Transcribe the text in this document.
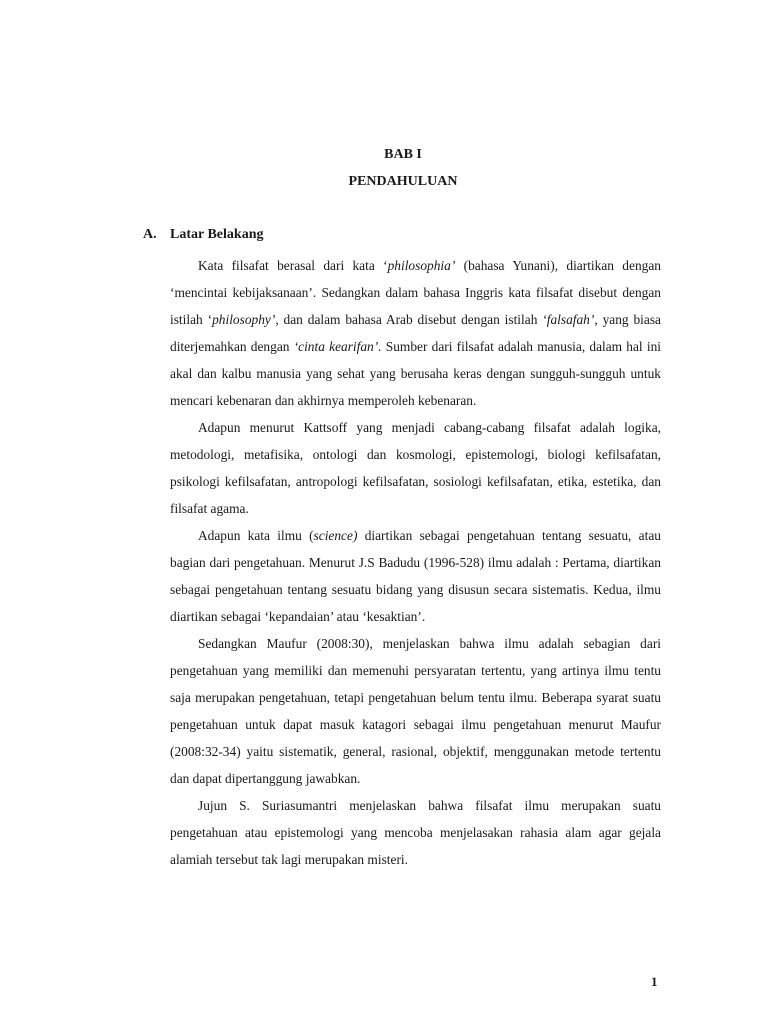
BAB I
PENDAHULUAN
A. Latar Belakang

Kata filsafat berasal dari kata ‘philosophia’ (bahasa Yunani), diartikan dengan ‘mencintai kebijaksanaan’. Sedangkan dalam bahasa Inggris kata filsafat disebut dengan istilah ‘philosophy’, dan dalam bahasa Arab disebut dengan istilah ‘falsafah’, yang biasa diterjemahkan dengan ‘cinta kearifan’. Sumber dari filsafat adalah manusia, dalam hal ini akal dan kalbu manusia yang sehat yang berusaha keras dengan sungguh-sungguh untuk mencari kebenaran dan akhirnya memperoleh kebenaran.

Adapun menurut Kattsoff yang menjadi cabang-cabang filsafat adalah logika, metodologi, metafisika, ontologi dan kosmologi, epistemologi, biologi kefilsafatan, psikologi kefilsafatan, antropologi kefilsafatan, sosiologi kefilsafatan, etika, estetika, dan filsafat agama.

Adapun kata ilmu (science) diartikan sebagai pengetahuan tentang sesuatu, atau bagian dari pengetahuan. Menurut J.S Badudu (1996-528) ilmu adalah : Pertama, diartikan sebagai pengetahuan tentang sesuatu bidang yang disusun secara sistematis. Kedua, ilmu diartikan sebagai ‘kepandaian’ atau ‘kesaktian’.

Sedangkan Maufur (2008:30), menjelaskan bahwa ilmu adalah sebagian dari pengetahuan yang memiliki dan memenuhi persyaratan tertentu, yang artinya ilmu tentu saja merupakan pengetahuan, tetapi pengetahuan belum tentu ilmu. Beberapa syarat suatu pengetahuan untuk dapat masuk katagori sebagai ilmu pengetahuan menurut Maufur (2008:32-34) yaitu sistematik, general, rasional, objektif, menggunakan metode tertentu dan dapat dipertanggung jawabkan.

Jujun S. Suriasumantri menjelaskan bahwa filsafat ilmu merupakan suatu pengetahuan atau epistemologi yang mencoba menjelasakan rahasia alam agar gejala alamiah tersebut tak lagi merupakan misteri.

1
